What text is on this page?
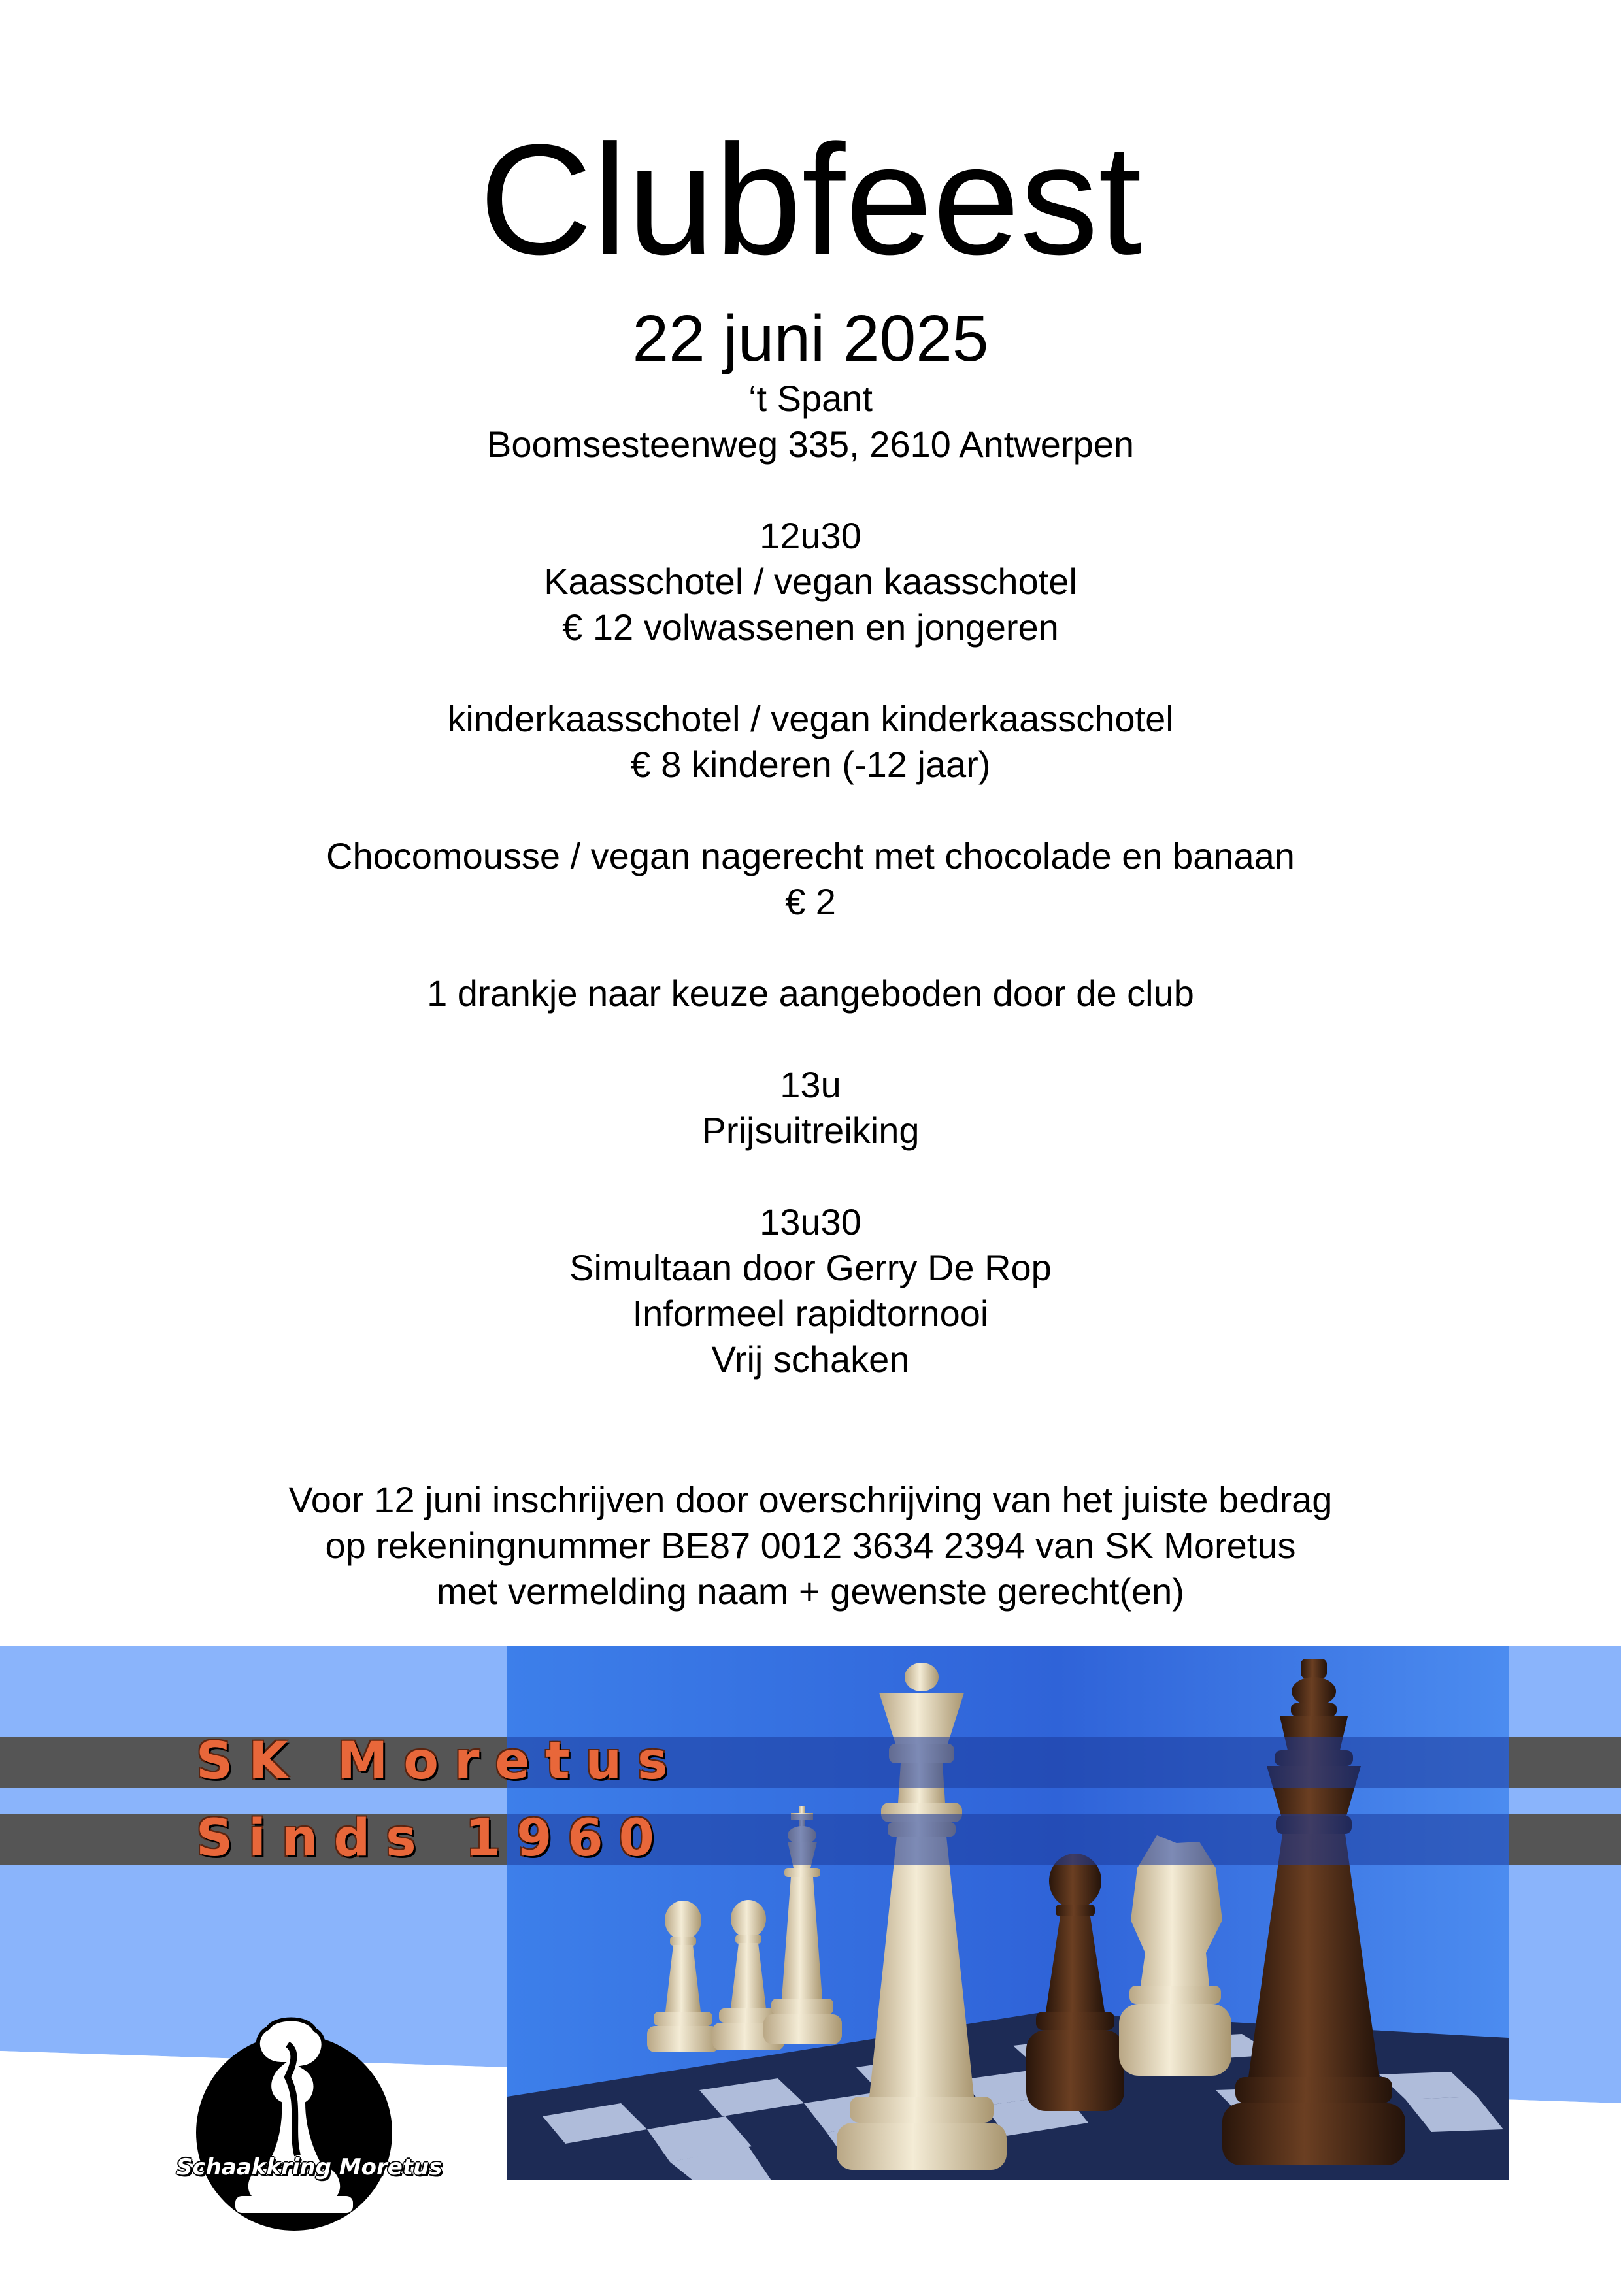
Clubfeest
22 juni 2025
‘t Spant
Boomsesteenweg 335, 2610 Antwerpen
12u30
Kaasschotel / vegan kaasschotel
€ 12 volwassenen en jongeren
kinderkaasschotel / vegan kinderkaasschotel
€ 8 kinderen (-12 jaar)
Chocomousse / vegan nagerecht met chocolade en banaan
€ 2
1 drankje naar keuze aangeboden door de club
13u
Prijsuitreiking
13u30
Simultaan door Gerry De Rop
Informeel rapidtornooi
Vrij schaken
Voor 12 juni inschrijven door overschrijving van het juiste bedrag
op rekeningnummer BE87 0012 3634 2394 van SK Moretus
met vermelding naam + gewenste gerecht(en)
SK Moretus
Sinds 1960
Schaakkring Moretus
